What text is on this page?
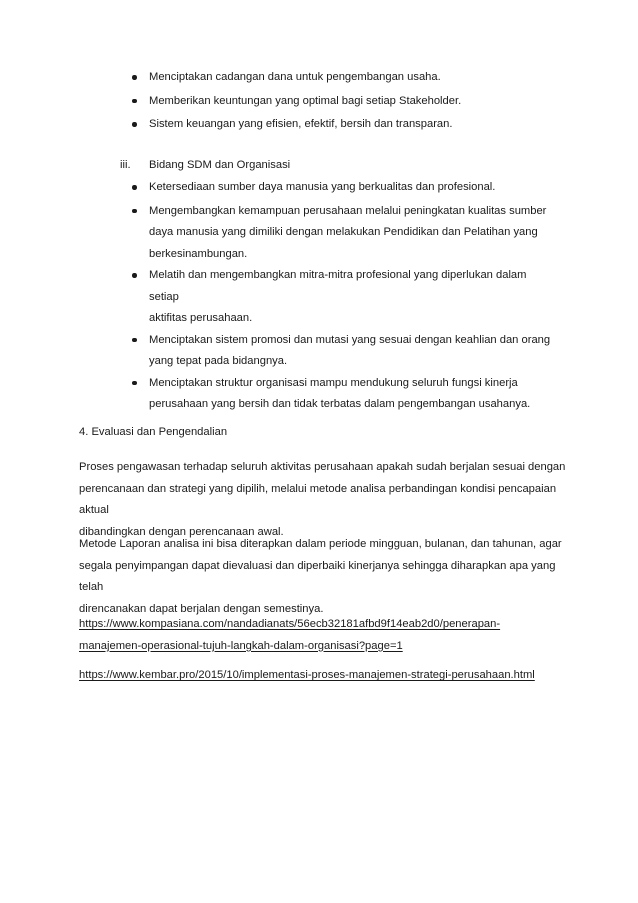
Menciptakan cadangan dana untuk pengembangan usaha.
Memberikan keuntungan yang optimal bagi setiap Stakeholder.
Sistem keuangan yang efisien, efektif, bersih dan transparan.
iii. Bidang SDM dan Organisasi
Ketersediaan sumber daya manusia yang berkualitas dan profesional.
Mengembangkan kemampuan perusahaan melalui peningkatan kualitas sumber
daya manusia yang dimiliki dengan melakukan Pendidikan dan Pelatihan yang
berkesinambungan.
Melatih dan mengembangkan mitra-mitra profesional yang diperlukan dalam setiap
aktifitas perusahaan.
Menciptakan sistem promosi dan mutasi yang sesuai dengan keahlian dan orang
yang tepat pada bidangnya.
Menciptakan struktur organisasi mampu mendukung seluruh fungsi kinerja
perusahaan yang bersih dan tidak terbatas dalam pengembangan usahanya.

4. Evaluasi dan Pengendalian

Proses pengawasan terhadap seluruh aktivitas perusahaan apakah sudah berjalan sesuai dengan
perencanaan dan strategi yang dipilih, melalui metode analisa perbandingan kondisi pencapaian aktual
dibandingkan dengan perencanaan awal.
Metode Laporan analisa ini bisa diterapkan dalam periode mingguan, bulanan, dan tahunan, agar
segala penyimpangan dapat dievaluasi dan diperbaiki kinerjanya sehingga diharapkan apa yang telah
direncanakan dapat berjalan dengan semestinya.
https://www.kompasiana.com/nandadianats/56ecb32181afbd9f14eab2d0/penerapan-
manajemen-operasional-tujuh-langkah-dalam-organisasi?page=1
https://www.kembar.pro/2015/10/implementasi-proses-manajemen-strategi-perusahaan.html
